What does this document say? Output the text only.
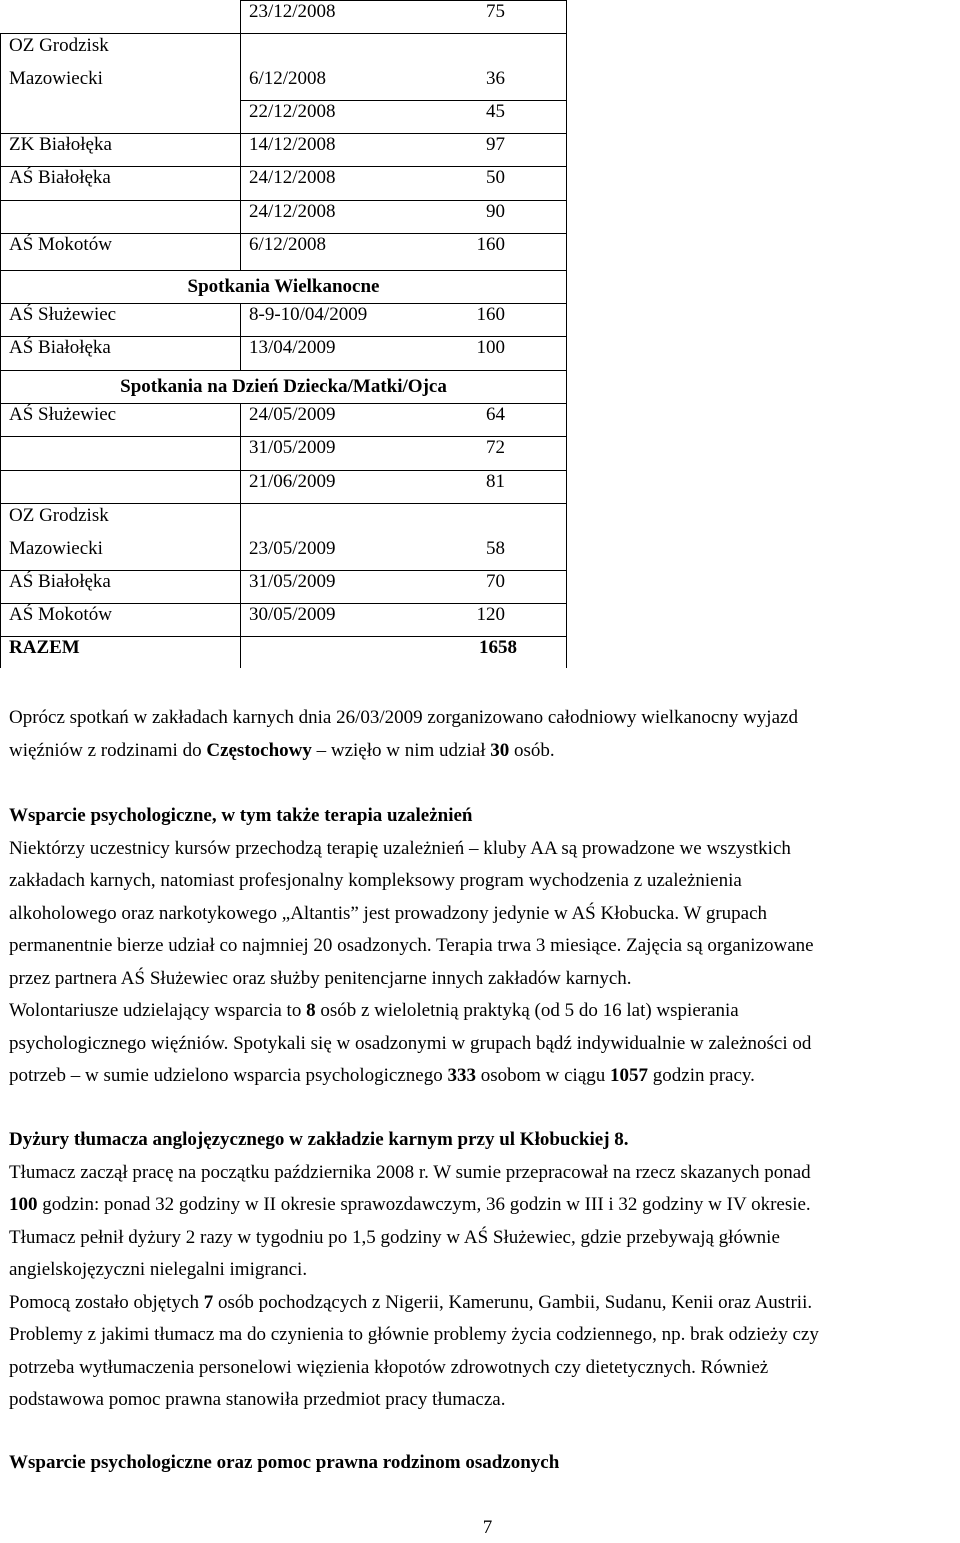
23/12/2008	75
OZ Grodzisk
Mazowiecki	6/12/2008	36
22/12/2008	45
ZK Białołęka	14/12/2008	97
AŚ Białołęka	24/12/2008	50
24/12/2008	90
AŚ Mokotów	6/12/2008	160
Spotkania Wielkanocne
AŚ Służewiec	8-9-10/04/2009	160
AŚ Białołęka	13/04/2009	100
Spotkania na Dzień Dziecka/Matki/Ojca
AŚ Służewiec	24/05/2009	64
31/05/2009	72
21/06/2009	81
OZ Grodzisk
Mazowiecki	23/05/2009	58
AŚ Białołęka	31/05/2009	70
AŚ Mokotów	30/05/2009	120
RAZEM	1658
Oprócz spotkań w zakładach karnych dnia 26/03/2009 zorganizowano całodniowy wielkanocny wyjazd
więźniów z rodzinami do Częstochowy – wzięło w nim udział 30 osób.
Wsparcie psychologiczne, w tym także terapia uzależnień
Niektórzy uczestnicy kursów przechodzą terapię uzależnień – kluby AA są prowadzone we wszystkich
zakładach karnych, natomiast profesjonalny kompleksowy program wychodzenia z uzależnienia
alkoholowego oraz narkotykowego „Altantis” jest prowadzony jedynie w AŚ Kłobucka. W grupach
permanentnie bierze udział co najmniej 20 osadzonych. Terapia trwa 3 miesiące. Zajęcia są organizowane
przez partnera AŚ Służewiec oraz służby penitencjarne innych zakładów karnych.
Wolontariusze udzielający wsparcia to 8 osób z wieloletnią praktyką (od 5 do 16 lat) wspierania
psychologicznego więźniów. Spotykali się w osadzonymi w grupach bądź indywidualnie w zależności od
potrzeb – w sumie udzielono wsparcia psychologicznego 333 osobom w ciągu 1057 godzin pracy.
Dyżury tłumacza anglojęzycznego w zakładzie karnym przy ul Kłobuckiej 8.
Tłumacz zaczął pracę na początku października 2008 r. W sumie przepracował na rzecz skazanych ponad
100 godzin: ponad 32 godziny w II okresie sprawozdawczym, 36 godzin w III i 32 godziny w IV okresie.
Tłumacz pełnił dyżury 2 razy w tygodniu po 1,5 godziny w AŚ Służewiec, gdzie przebywają głównie
angielskojęzyczni nielegalni imigranci.
Pomocą zostało objętych 7 osób pochodzących z Nigerii, Kamerunu, Gambii, Sudanu, Kenii oraz Austrii.
Problemy z jakimi tłumacz ma do czynienia to głównie problemy życia codziennego, np. brak odzieży czy
potrzeba wytłumaczenia personelowi więzienia kłopotów zdrowotnych czy dietetycznych. Również
podstawowa pomoc prawna stanowiła przedmiot pracy tłumacza.
Wsparcie psychologiczne oraz pomoc prawna rodzinom osadzonych
7
